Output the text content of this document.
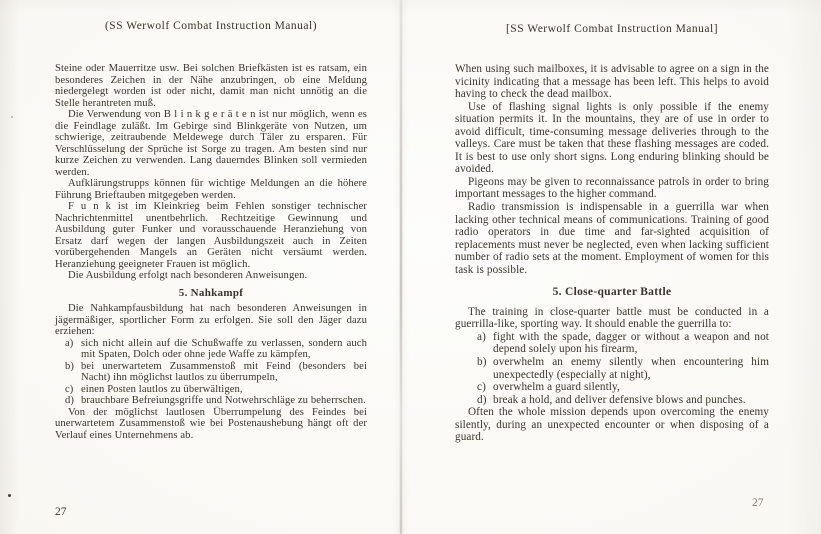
(SS Werwolf Combat Instruction Manual)

Steine oder Mauerritze usw. Bei solchen Briefkästen ist es ratsam, ein besonderes Zeichen in der Nähe anzubringen, ob eine Meldung niedergelegt worden ist oder nicht, damit man nicht unnötig an die Stelle herantreten muß.

Die Verwendung von B l i n k g e r ä t e n ist nur möglich, wenn es die Feindlage zuläßt. Im Gebirge sind Blinkgeräte von Nutzen, um schwierige, zeitraubende Meldewege durch Täler zu ersparen. Für Verschlüsselung der Sprüche ist Sorge zu tragen. Am besten sind nur kurze Zeichen zu verwenden. Lang dauerndes Blinken soll vermieden werden.

Aufklärungstrupps können für wichtige Meldungen an die höhere Führung Brieftauben mitgegeben werden.

F u n k ist im Kleinkrieg beim Fehlen sonstiger technischer Nachrichtenmittel unentbehrlich. Rechtzeitige Gewinnung und Ausbildung guter Funker und vorausschauende Heranziehung von Ersatz darf wegen der langen Ausbildungszeit auch in Zeiten vorübergehenden Mangels an Geräten nicht versäumt werden. Heranziehung geeigneter Frauen ist möglich.

Die Ausbildung erfolgt nach besonderen Anweisungen.

5. Nahkampf

Die Nahkampfausbildung hat nach besonderen Anweisungen in jägermäßiger, sportlicher Form zu erfolgen. Sie soll den Jäger dazu erziehen:

a) sich nicht allein auf die Schußwaffe zu verlassen, sondern auch mit Spaten, Dolch oder ohne jede Waffe zu kämpfen,
b) bei unerwartetem Zusammenstoß mit Feind (besonders bei Nacht) ihn möglichst lautlos zu überrumpeln,
c) einen Posten lautlos zu überwältigen,
d) brauchbare Befreiungsgriffe und Notwehrschläge zu beherrschen.

Von der möglichst lautlosen Überrumpelung des Feindes bei unerwartetem Zusammenstoß wie bei Postenaushebung hängt oft der Verlauf eines Unternehmens ab.

27
[SS Werwolf Combat Instruction Manual]

When using such mailboxes, it is advisable to agree on a sign in the vicinity indicating that a message has been left. This helps to avoid having to check the dead mailbox.

Use of flashing signal lights is only possible if the enemy situation permits it. In the mountains, they are of use in order to avoid difficult, time-consuming message deliveries through to the valleys. Care must be taken that these flashing messages are coded. It is best to use only short signs. Long enduring blinking should be avoided.

Pigeons may be given to reconnaissance patrols in order to bring important messages to the higher command.

Radio transmission is indispensable in a guerrilla war when lacking other technical means of communications. Training of good radio operators in due time and far-sighted acquisition of replacements must never be neglected, even when lacking sufficient number of radio sets at the moment. Employment of women for this task is possible.

5. Close-quarter Battle

The training in close-quarter battle must be conducted in a guerrilla-like, sporting way. It should enable the guerrilla to:

a) fight with the spade, dagger or without a weapon and not depend solely upon his firearm,
b) overwhelm an enemy silently when encountering him unexpectedly (especially at night),
c) overwhelm a guard silently,
d) break a hold, and deliver defensive blows and punches.

Often the whole mission depends upon overcoming the enemy silently, during an unexpected encounter or when disposing of a guard.

27
